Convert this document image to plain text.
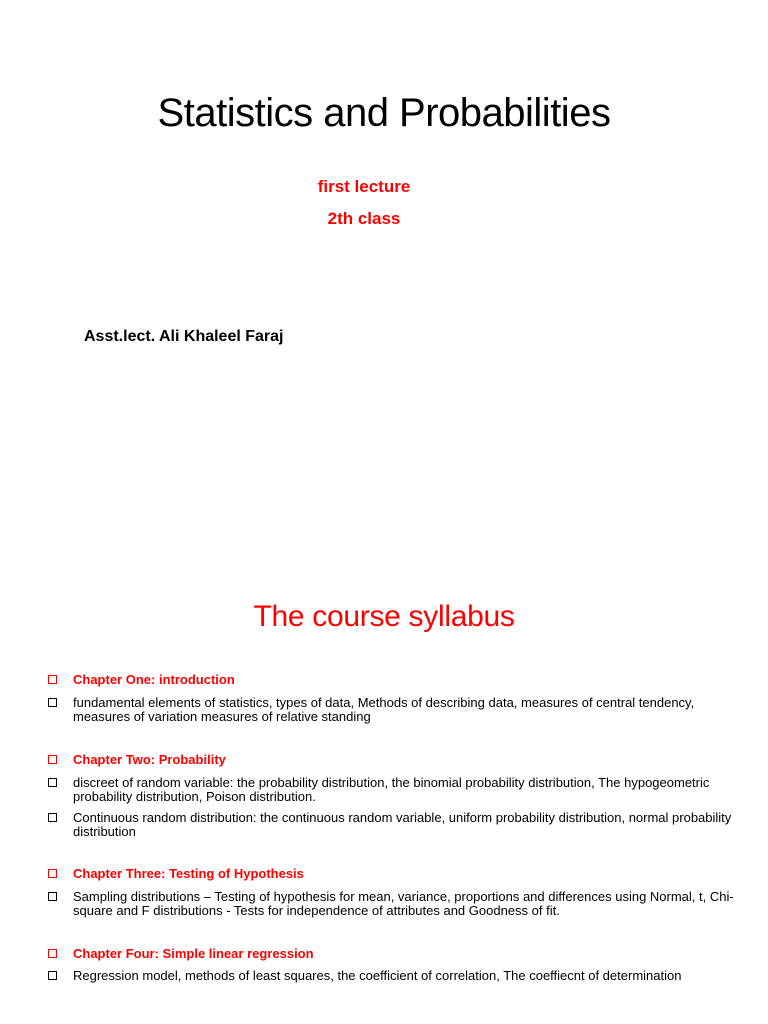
Statistics and Probabilities
first lecture
2th class
Asst.lect. Ali Khaleel Faraj
The course syllabus
Chapter One: introduction
fundamental elements of statistics, types of data, Methods of describing data, measures of central tendency, measures of variation measures of relative standing
Chapter Two: Probability
discreet of random variable: the probability distribution, the binomial probability distribution, The hypogeometric probability distribution, Poison distribution.
Continuous random distribution: the continuous random variable, uniform probability distribution, normal probability distribution
Chapter Three: Testing of Hypothesis
Sampling distributions – Testing of hypothesis for mean, variance, proportions and differences using Normal, t, Chi-square and F distributions - Tests for independence of attributes and Goodness of fit.
Chapter Four: Simple linear regression
Regression model, methods of least squares, the coefficient of correlation, The coeffiecnt of determination
